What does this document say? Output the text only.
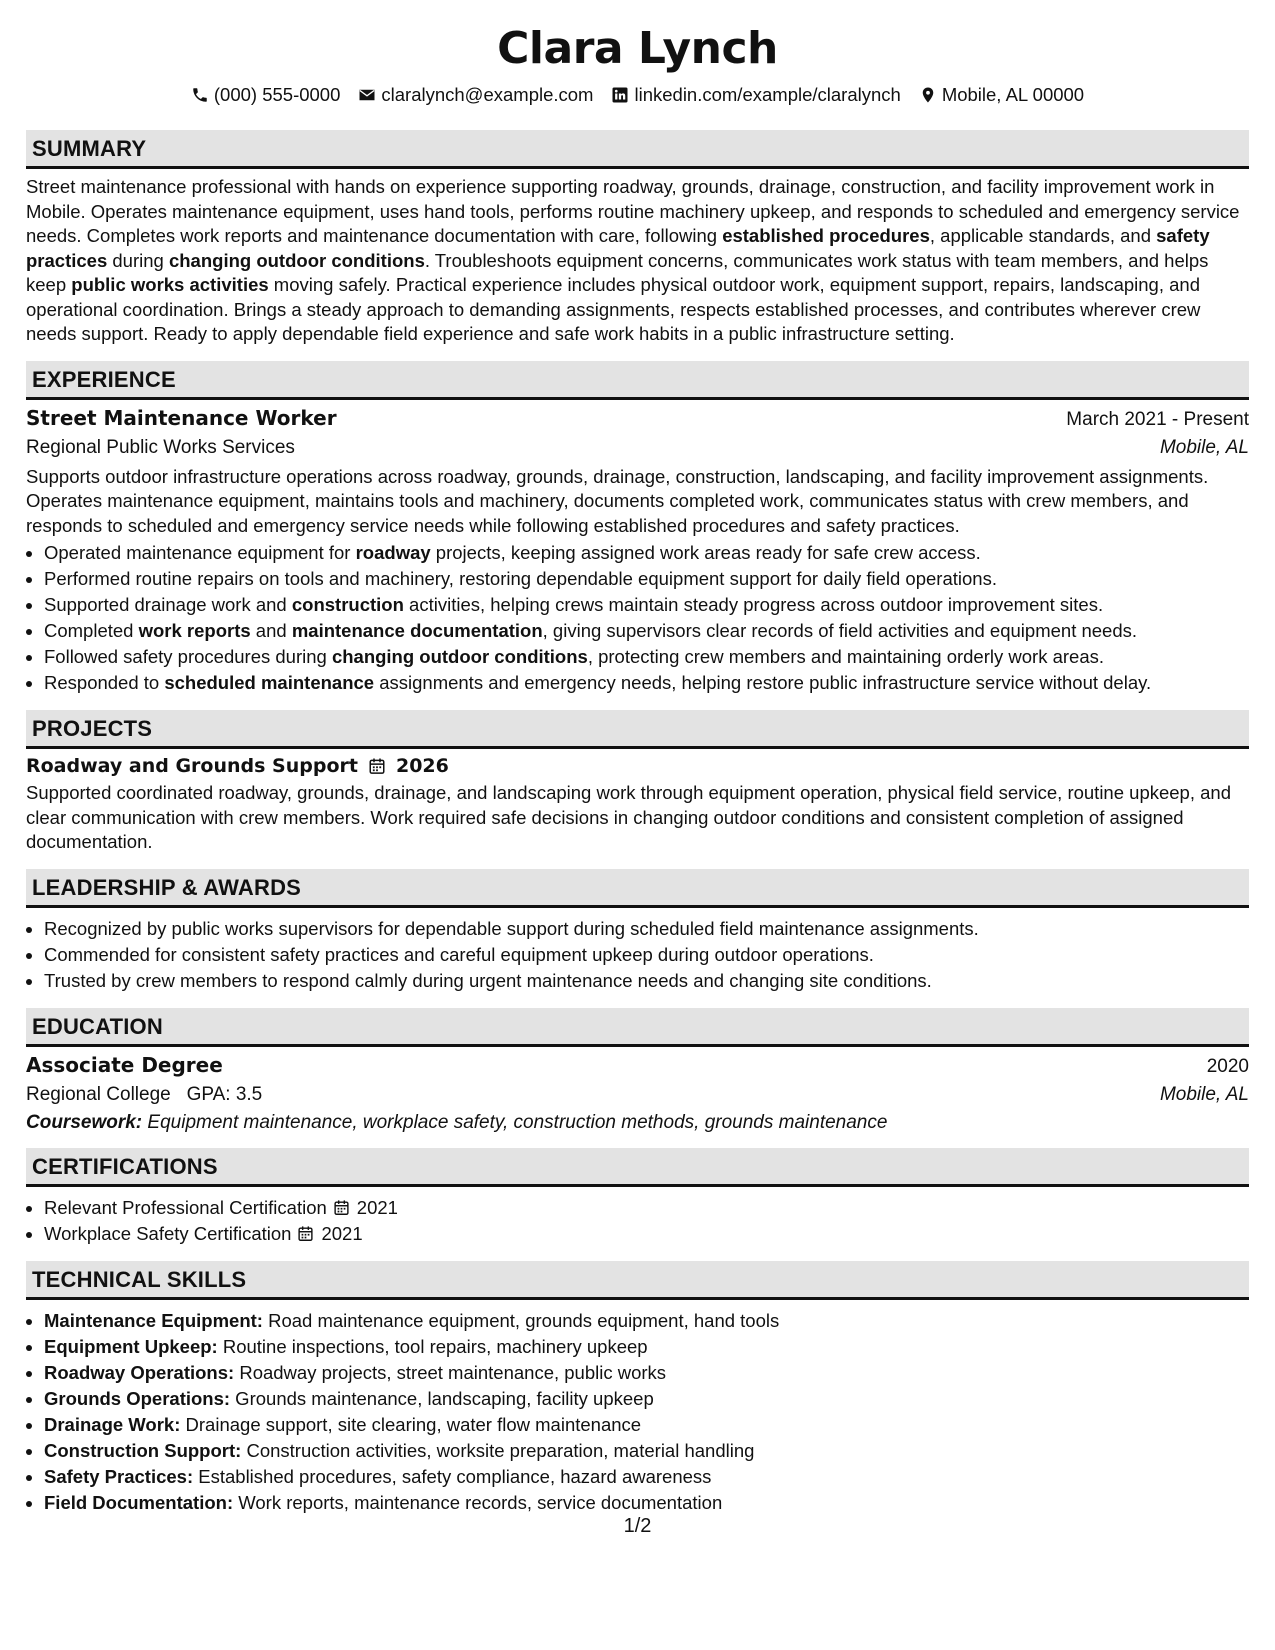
Clara Lynch
(000) 555-0000 claralynch@example.com linkedin.com/example/claralynch Mobile, AL 00000
SUMMARY

Street maintenance professional with hands on experience supporting roadway, grounds, drainage, construction, and facility improvement work in Mobile. Operates maintenance equipment, uses hand tools, performs routine machinery upkeep, and responds to scheduled and emergency service needs. Completes work reports and maintenance documentation with care, following established procedures, applicable standards, and safety practices during changing outdoor conditions. Troubleshoots equipment concerns, communicates work status with team members, and helps keep public works activities moving safely. Practical experience includes physical outdoor work, equipment support, repairs, landscaping, and operational coordination. Brings a steady approach to demanding assignments, respects established processes, and contributes wherever crew needs support. Ready to apply dependable field experience and safe work habits in a public infrastructure setting.

EXPERIENCE
Street Maintenance Worker	March 2021 - Present
Regional Public Works Services	Mobile, AL

Supports outdoor infrastructure operations across roadway, grounds, drainage, construction, landscaping, and facility improvement assignments. Operates maintenance equipment, maintains tools and machinery, documents completed work, communicates status with crew members, and responds to scheduled and emergency service needs while following established procedures and safety practices.

• Operated maintenance equipment for roadway projects, keeping assigned work areas ready for safe crew access.
• Performed routine repairs on tools and machinery, restoring dependable equipment support for daily field operations.
• Supported drainage work and construction activities, helping crews maintain steady progress across outdoor improvement sites.
• Completed work reports and maintenance documentation, giving supervisors clear records of field activities and equipment needs.
• Followed safety procedures during changing outdoor conditions, protecting crew members and maintaining orderly work areas.
• Responded to scheduled maintenance assignments and emergency needs, helping restore public infrastructure service without delay.
PROJECTS
Roadway and Grounds Support 2026

Supported coordinated roadway, grounds, drainage, and landscaping work through equipment operation, physical field service, routine upkeep, and clear communication with crew members. Work required safe decisions in changing outdoor conditions and consistent completion of assigned documentation.

LEADERSHIP & AWARDS
• Recognized by public works supervisors for dependable support during scheduled field maintenance assignments.
• Commended for consistent safety practices and careful equipment upkeep during outdoor operations.
• Trusted by crew members to respond calmly during urgent maintenance needs and changing site conditions.
EDUCATION
Associate Degree	2020
Regional College GPA: 3.5	Mobile, AL
Coursework: Equipment maintenance, workplace safety, construction methods, grounds maintenance
CERTIFICATIONS
• Relevant Professional Certification 2021
• Workplace Safety Certification 2021
TECHNICAL SKILLS
• Maintenance Equipment: Road maintenance equipment, grounds equipment, hand tools
• Equipment Upkeep: Routine inspections, tool repairs, machinery upkeep
• Roadway Operations: Roadway projects, street maintenance, public works
• Grounds Operations: Grounds maintenance, landscaping, facility upkeep
• Drainage Work: Drainage support, site clearing, water flow maintenance
• Construction Support: Construction activities, worksite preparation, material handling
• Safety Practices: Established procedures, safety compliance, hazard awareness
• Field Documentation: Work reports, maintenance records, service documentation
1/2
